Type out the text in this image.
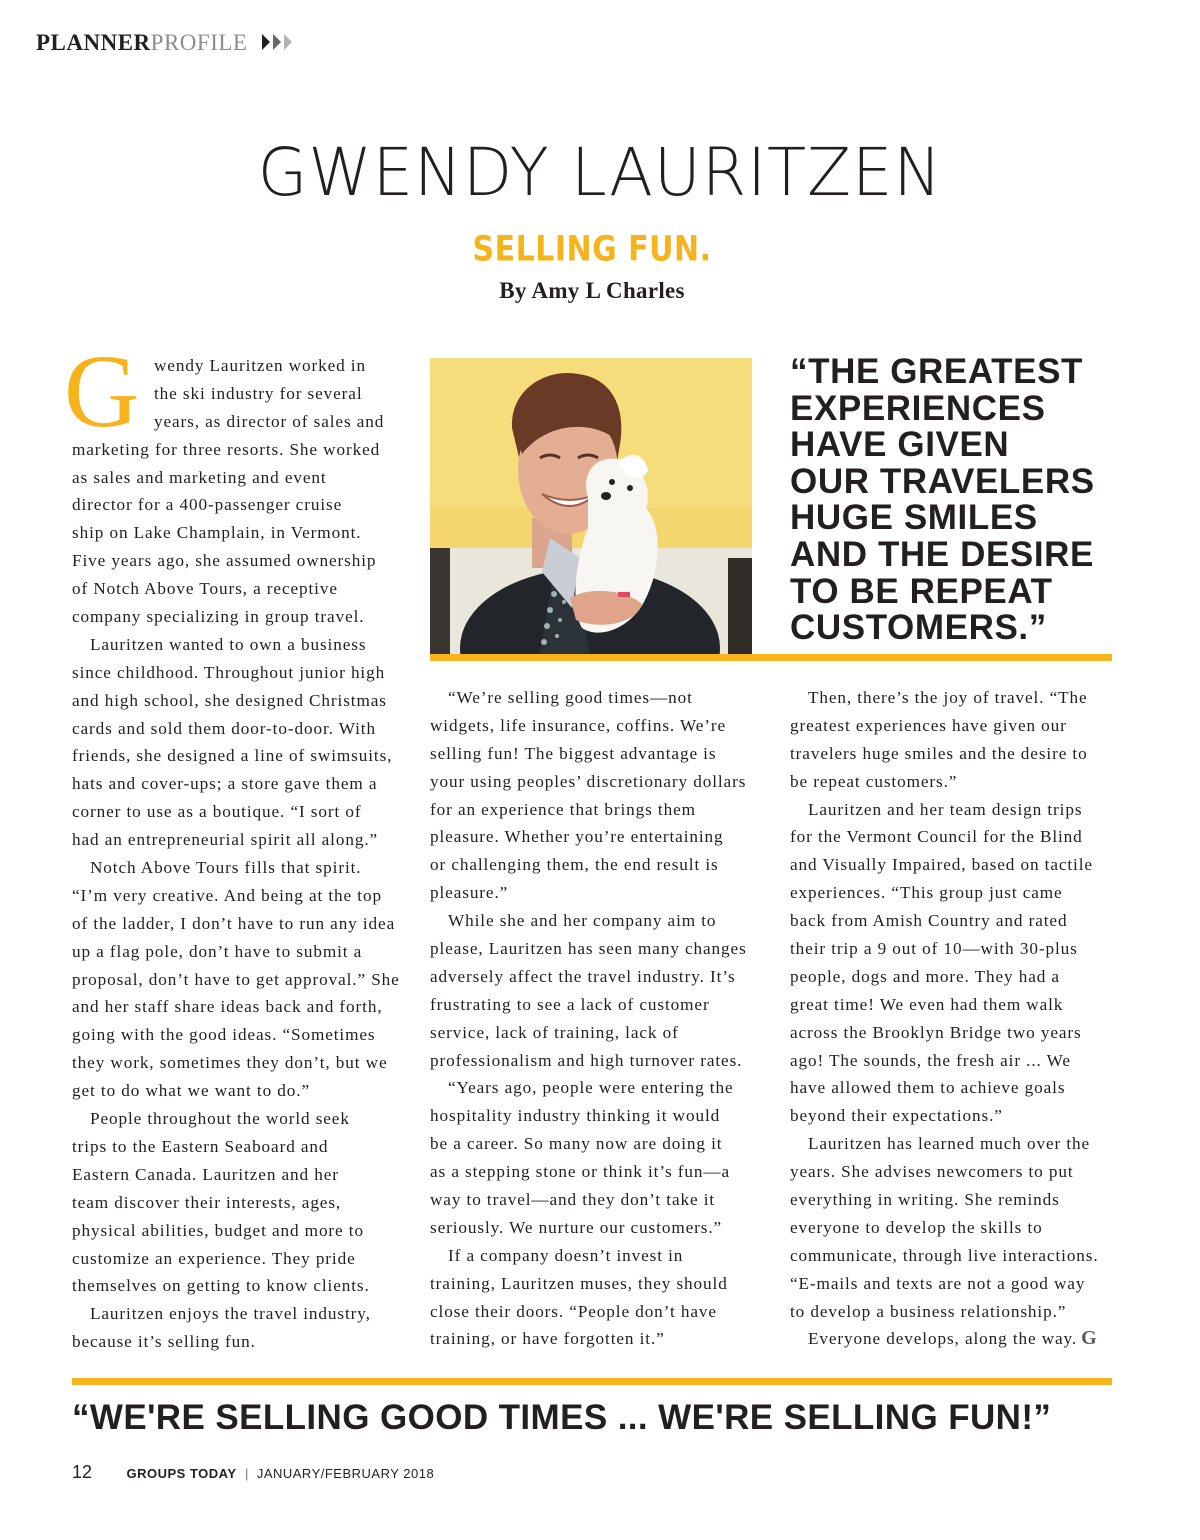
PLANNERPROFILE
GWENDY LAURITZEN
SELLING FUN.
By Amy L Charles
G wendy Lauritzen worked in
the ski industry for several
years, as director of sales and
marketing for three resorts. She worked
as sales and marketing and event
director for a 400-passenger cruise
ship on Lake Champlain, in Vermont.
Five years ago, she assumed ownership
of Notch Above Tours, a receptive
company specializing in group travel.
Lauritzen wanted to own a business
since childhood. Throughout junior high
and high school, she designed Christmas
cards and sold them door-to-door. With
friends, she designed a line of swimsuits,
hats and cover-ups; a store gave them a
corner to use as a boutique. “I sort of
had an entrepreneurial spirit all along.”
Notch Above Tours fills that spirit.
“I’m very creative. And being at the top
of the ladder, I don’t have to run any idea
up a flag pole, don’t have to submit a
proposal, don’t have to get approval.” She
and her staff share ideas back and forth,
going with the good ideas. “Sometimes
they work, sometimes they don’t, but we
get to do what we want to do.”
People throughout the world seek
trips to the Eastern Seaboard and
Eastern Canada. Lauritzen and her
team discover their interests, ages,
physical abilities, budget and more to
customize an experience. They pride
themselves on getting to know clients.
Lauritzen enjoys the travel industry,
because it’s selling fun.
“THE GREATEST
EXPERIENCES
HAVE GIVEN
OUR TRAVELERS
HUGE SMILES
AND THE DESIRE
TO BE REPEAT
CUSTOMERS.”
“We’re selling good times—not
widgets, life insurance, coffins. We’re
selling fun! The biggest advantage is
your using peoples’ discretionary dollars
for an experience that brings them
pleasure. Whether you’re entertaining
or challenging them, the end result is
pleasure.”
While she and her company aim to
please, Lauritzen has seen many changes
adversely affect the travel industry. It’s
frustrating to see a lack of customer
service, lack of training, lack of
professionalism and high turnover rates.
“Years ago, people were entering the
hospitality industry thinking it would
be a career. So many now are doing it
as a stepping stone or think it’s fun—a
way to travel—and they don’t take it
seriously. We nurture our customers.”
If a company doesn’t invest in
training, Lauritzen muses, they should
close their doors. “People don’t have
training, or have forgotten it.”
Then, there’s the joy of travel. “The
greatest experiences have given our
travelers huge smiles and the desire to
be repeat customers.”
Lauritzen and her team design trips
for the Vermont Council for the Blind
and Visually Impaired, based on tactile
experiences. “This group just came
back from Amish Country and rated
their trip a 9 out of 10—with 30-plus
people, dogs and more. They had a
great time! We even had them walk
across the Brooklyn Bridge two years
ago! The sounds, the fresh air ... We
have allowed them to achieve goals
beyond their expectations.”
Lauritzen has learned much over the
years. She advises newcomers to put
everything in writing. She reminds
everyone to develop the skills to
communicate, through live interactions.
“E-mails and texts are not a good way
to develop a business relationship.”
Everyone develops, along the way. G
“WE'RE SELLING GOOD TIMES ... WE'RE SELLING FUN!”
12	GROUPS TODAY | JANUARY/FEBRUARY 2018
